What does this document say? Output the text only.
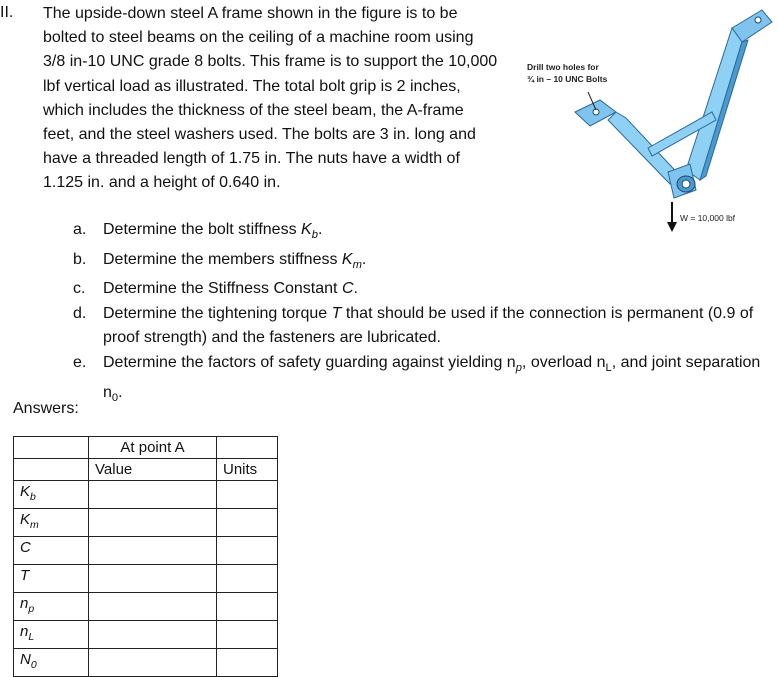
II. The upside-down steel A frame shown in the figure is to be bolted to steel beams on the ceiling of a machine room using 3/8 in-10 UNC grade 8 bolts. This frame is to support the 10,000 lbf vertical load as illustrated. The total bolt grip is 2 inches, which includes the thickness of the steel beam, the A-frame feet, and the steel washers used. The bolts are 3 in. long and have a threaded length of 1.75 in. The nuts have a width of 1.125 in. and a height of 0.640 in.

Drill two holes for
¾ in – 10 UNC Bolts
W = 10,000 lbf
a. Determine the bolt stiffness $K_b$.
b. Determine the members stiffness $K_m$.
c. Determine the Stiffness Constant C.
d. Determine the tightening torque T that should be used if the connection is permanent (0.9 of proof strength) and the fasteners are lubricated.
e. Determine the factors of safety guarding against yielding $n_p$, overload $n_L$, and joint separation $n_0$.
Answers:
	At point A	
	Value	Units
$K_b$		
$K_m$		
C		
T		
$n_p$		
$n_L$		
$N_0$		
